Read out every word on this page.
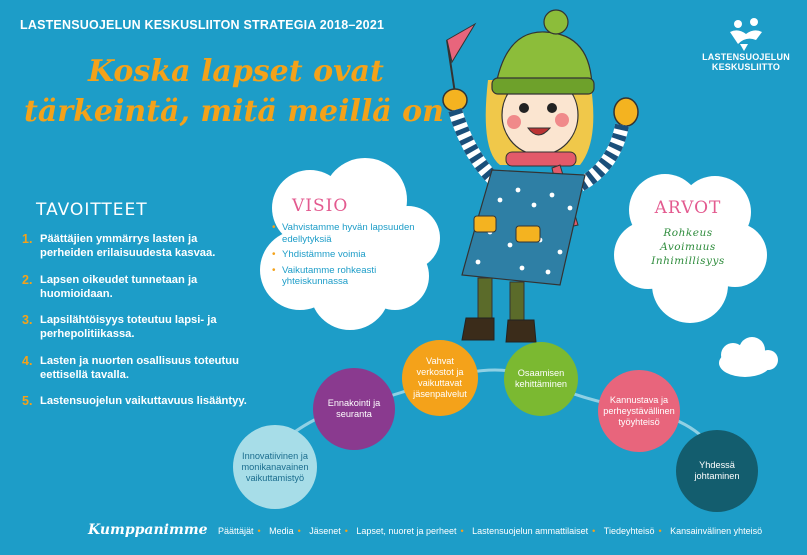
LASTENSUOJELUN KESKUSLIITON STRATEGIA 2018–2021
Koska lapset ovat
tärkeintä, mitä meillä on
LASTENSUOJELUN
KESKUSLIITTO
TAVOITTEET
1. Päättäjien ymmärrys lasten ja perheiden erilaisuudesta kasvaa.
2. Lapsen oikeudet tunnetaan ja huomioidaan.
3. Lapsilähtöisyys toteutuu lapsi- ja perhepolitiikassa.
4. Lasten ja nuorten osallisuus toteutuu eettisellä tavalla.
5. Lastensuojelun vaikuttavuus lisääntyy.
VISIO
• Vahvistamme hyvän lapsuuden edellytyksiä
• Yhdistämme voimia
• Vaikutamme rohkeasti yhteiskunnassa
ARVOT
Rohkeus
Avoimuus
Inhimillisyys
Innovatiivinen ja monikanavainen vaikuttamistyö
Ennakointi ja seuranta
Vahvat verkostot ja vaikuttavat jäsenpalvelut
Osaamisen kehittäminen
Kannustava ja perheystävällinen työyhteisö
Yhdessä johtaminen
Kumppanimme Päättäjät • Media • Jäsenet • Lapset, nuoret ja perheet • Lastensuojelun ammattilaiset • Tiedeyhteisö • Kansainvälinen yhteisö
